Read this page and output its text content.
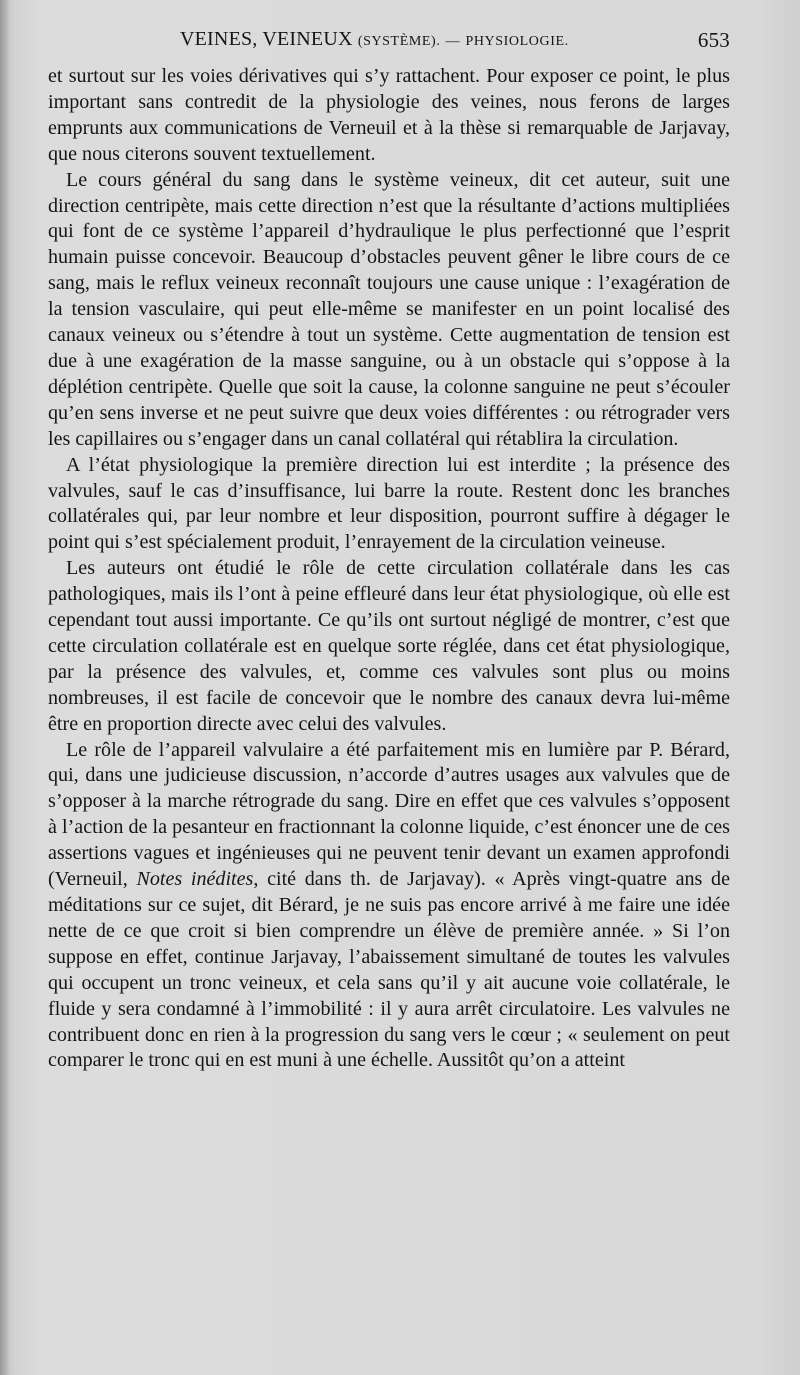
VEINES, VEINEUX (SYSTÈME). — PHYSIOLOGIE.	653

et surtout sur les voies dérivatives qui s’y rattachent. Pour exposer ce point, le plus important sans contredit de la physiologie des veines, nous ferons de larges emprunts aux communications de Verneuil et à la thèse si remarquable de Jarjavay, que nous citerons souvent textuellement.

Le cours général du sang dans le système veineux, dit cet auteur, suit une direction centripète, mais cette direction n’est que la résultante d’actions multipliées qui font de ce système l’appareil d’hydraulique le plus perfectionné que l’esprit humain puisse concevoir. Beaucoup d’obstacles peuvent gêner le libre cours de ce sang, mais le reflux veineux reconnaît toujours une cause unique : l’exagération de la tension vasculaire, qui peut elle-même se manifester en un point localisé des canaux veineux ou s’étendre à tout un système. Cette augmentation de tension est due à une exagération de la masse sanguine, ou à un obstacle qui s’oppose à la déplétion centripète. Quelle que soit la cause, la colonne sanguine ne peut s’écouler qu’en sens inverse et ne peut suivre que deux voies différentes : ou rétrograder vers les capillaires ou s’engager dans un canal collatéral qui rétablira la circulation.

A l’état physiologique la première direction lui est interdite ; la présence des valvules, sauf le cas d’insuffisance, lui barre la route. Restent donc les branches collatérales qui, par leur nombre et leur disposition, pourront suffire à dégager le point qui s’est spécialement produit, l’enrayement de la circulation veineuse.

Les auteurs ont étudié le rôle de cette circulation collatérale dans les cas pathologiques, mais ils l’ont à peine effleuré dans leur état physiologique, où elle est cependant tout aussi importante. Ce qu’ils ont surtout négligé de montrer, c’est que cette circulation collatérale est en quelque sorte réglée, dans cet état physiologique, par la présence des valvules, et, comme ces valvules sont plus ou moins nombreuses, il est facile de concevoir que le nombre des canaux devra lui-même être en proportion directe avec celui des valvules.

Le rôle de l’appareil valvulaire a été parfaitement mis en lumière par P. Bérard, qui, dans une judicieuse discussion, n’accorde d’autres usages aux valvules que de s’opposer à la marche rétrograde du sang. Dire en effet que ces valvules s’opposent à l’action de la pesanteur en fractionnant la colonne liquide, c’est énoncer une de ces assertions vagues et ingénieuses qui ne peuvent tenir devant un examen approfondi (Verneuil, Notes inédites, cité dans th. de Jarjavay). « Après vingt-quatre ans de méditations sur ce sujet, dit Bérard, je ne suis pas encore arrivé à me faire une idée nette de ce que croit si bien comprendre un élève de première année. » Si l’on suppose en effet, continue Jarjavay, l’abaissement simultané de toutes les valvules qui occupent un tronc veineux, et cela sans qu’il y ait aucune voie collatérale, le fluide y sera condamné à l’immobilité : il y aura arrêt circulatoire. Les valvules ne contribuent donc en rien à la progression du sang vers le cœur ; « seulement on peut comparer le tronc qui en est muni à une échelle. Aussitôt qu’on a atteint
